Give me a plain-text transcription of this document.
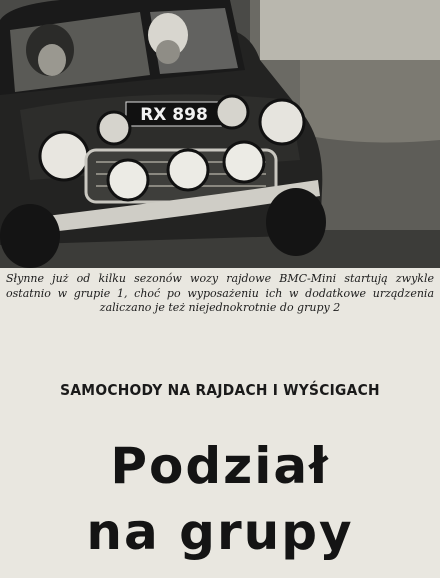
RX 898
Słynne już od kilku sezonów wozy rajdowe BMC-Mini startują zwykle ostatnio w grupie 1, choć po wyposażeniu ich w dodatkowe urządzenia zaliczano je też niejednokrotnie do grupy 2
SAMOCHODY NA RAJDACH I WYŚCIGACH
Podział
na grupy
